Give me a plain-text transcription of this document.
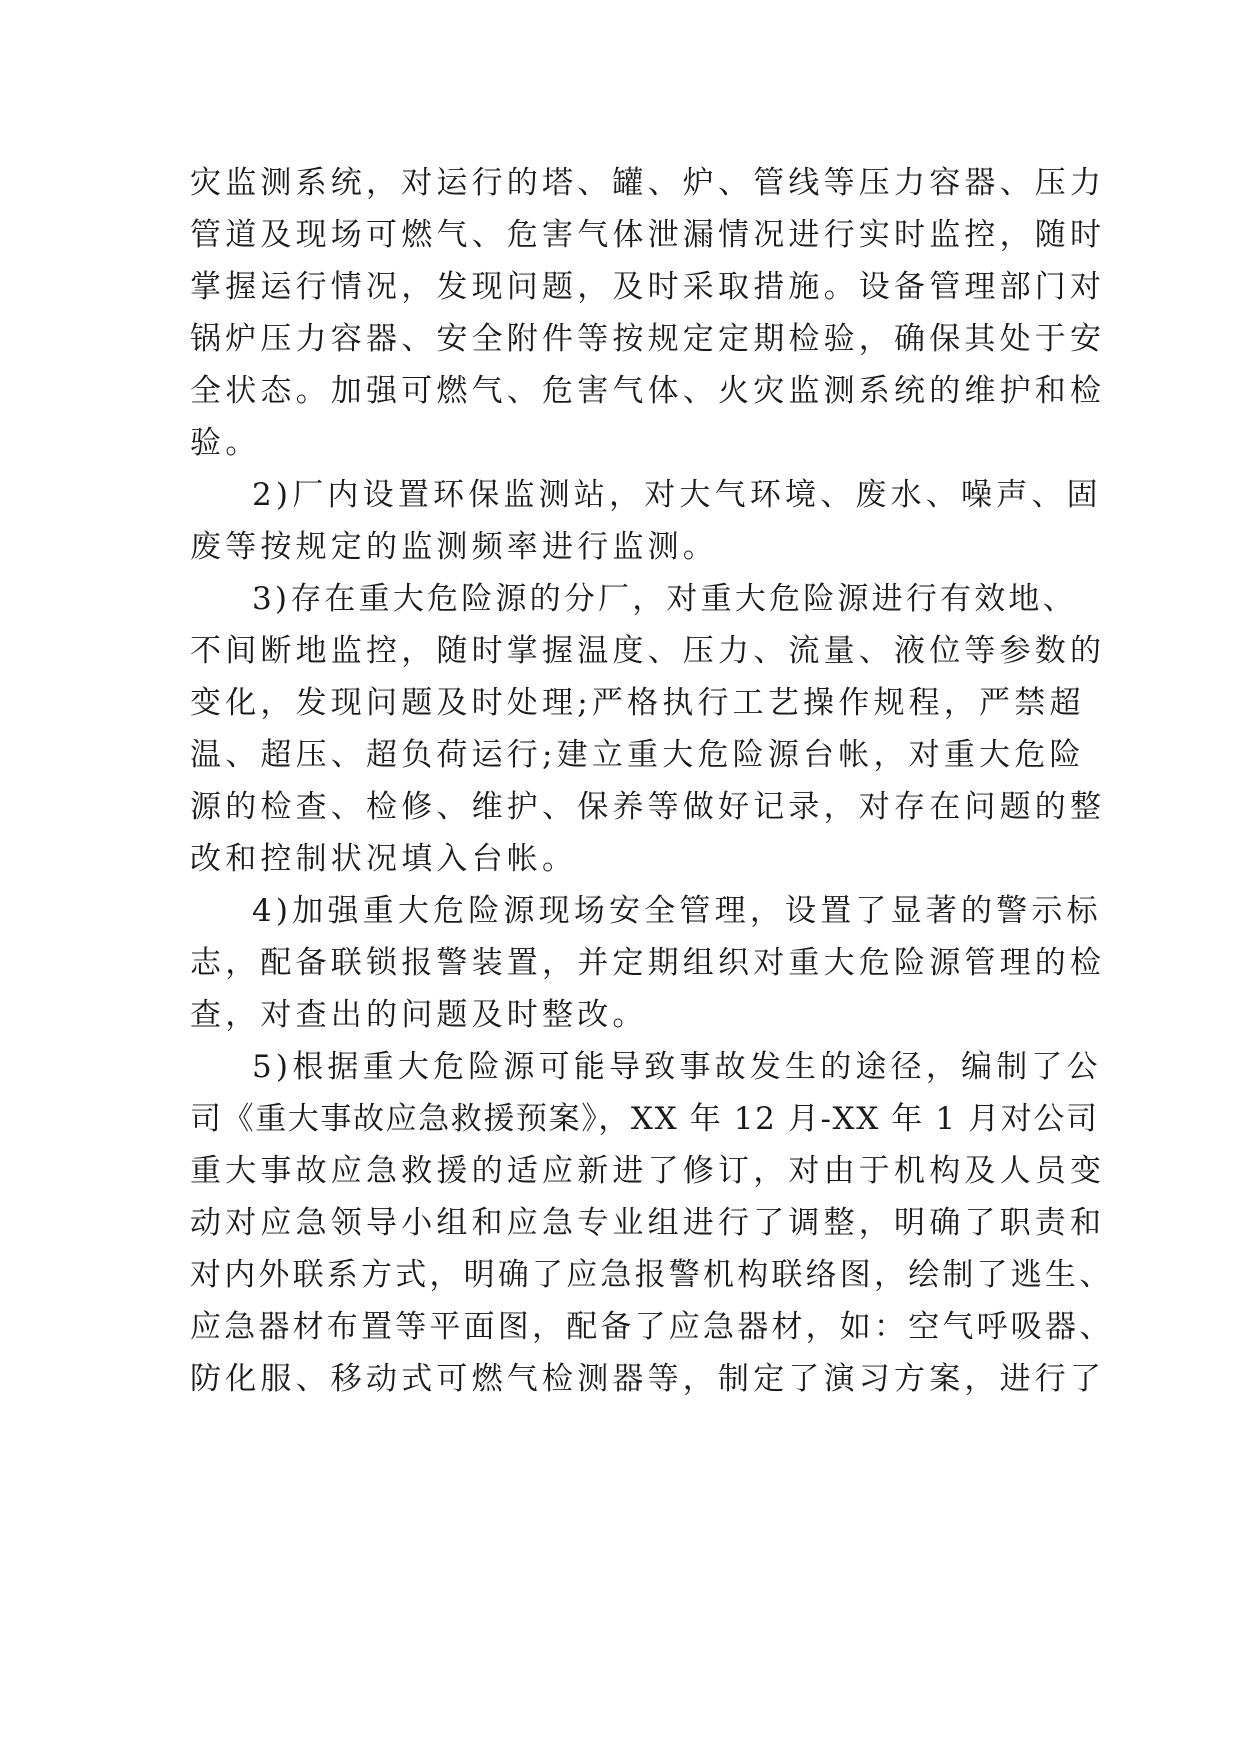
灾监测系统，对运行的塔、罐、炉、管线等压力容器、压力
管道及现场可燃气、危害气体泄漏情况进行实时监控，随时
掌握运行情况，发现问题，及时采取措施。设备管理部门对
锅炉压力容器、安全附件等按规定定期检验，确保其处于安
全状态。加强可燃气、危害气体、火灾监测系统的维护和检
验。
2)厂内设置环保监测站，对大气环境、废水、噪声、固
废等按规定的监测频率进行监测。
3)存在重大危险源的分厂，对重大危险源进行有效地、
不间断地监控，随时掌握温度、压力、流量、液位等参数的
变化，发现问题及时处理;严格执行工艺操作规程，严禁超
温、超压、超负荷运行;建立重大危险源台帐，对重大危险
源的检查、检修、维护、保养等做好记录，对存在问题的整
改和控制状况填入台帐。
4)加强重大危险源现场安全管理，设置了显著的警示标
志，配备联锁报警装置，并定期组织对重大危险源管理的检
查，对查出的问题及时整改。
5)根据重大危险源可能导致事故发生的途径，编制了公
司《重大事故应急救援预案》，XX 年 12 月-XX 年 1 月对公司
重大事故应急救援的适应新进了修订，对由于机构及人员变
动对应急领导小组和应急专业组进行了调整，明确了职责和
对内外联系方式，明确了应急报警机构联络图，绘制了逃生、
应急器材布置等平面图，配备了应急器材，如：空气呼吸器、
防化服、移动式可燃气检测器等，制定了演习方案，进行了
